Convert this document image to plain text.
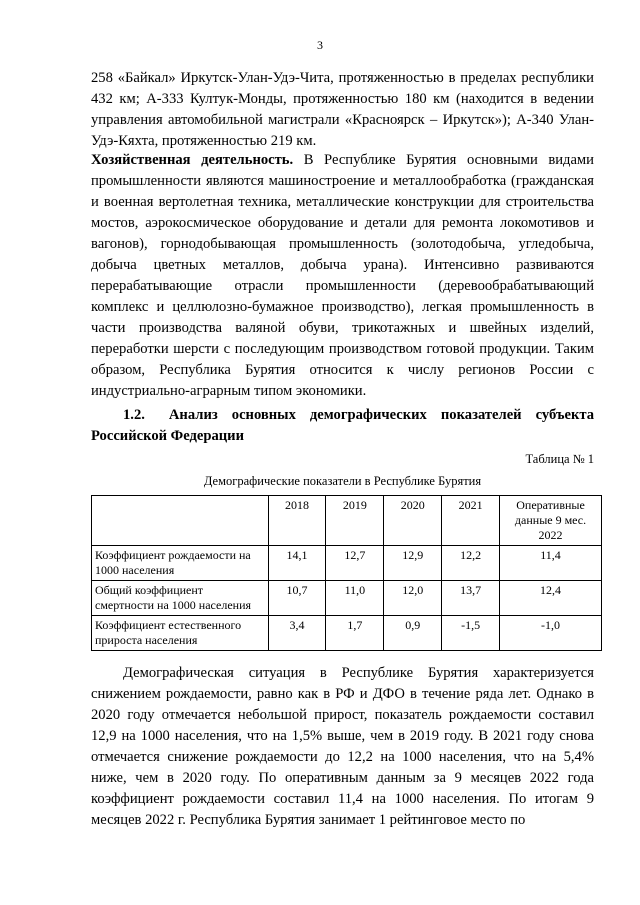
3

258 «Байкал» Иркутск-Улан-Удэ-Чита, протяженностью в пределах республики 432 км; А-333 Култук-Монды, протяженностью 180 км (находится в ведении управления автомобильной магистрали «Красноярск – Иркутск»); А-340 Улан-Удэ-Кяхта, протяженностью 219 км.

Хозяйственная деятельность. В Республике Бурятия основными видами промышленности являются машиностроение и металлообработка (гражданская и военная вертолетная техника, металлические конструкции для строительства мостов, аэрокосмическое оборудование и детали для ремонта локомотивов и вагонов), горнодобывающая промышленность (золотодобыча, угледобыча, добыча цветных металлов, добыча урана). Интенсивно развиваются перерабатывающие отрасли промышленности (деревообрабатывающий комплекс и целлюлозно-бумажное производство), легкая промышленность в части производства валяной обуви, трикотажных и швейных изделий, переработки шерсти с последующим производством готовой продукции. Таким образом, Республика Бурятия относится к числу регионов России с индустриально-аграрным типом экономики.

1.2. Анализ основных демографических показателей субъекта Российской Федерации
Таблица № 1
Демографические показатели в Республике Бурятия
	2018	2019	2020	2021	Оперативные данные 9 мес. 2022
Коэффициент рождаемости на 1000 населения	14,1	12,7	12,9	12,2	11,4
Общий коэффициент смертности на 1000 населения	10,7	11,0	12,0	13,7	12,4
Коэффициент естественного прироста населения	3,4	1,7	0,9	-1,5	-1,0

Демографическая ситуация в Республике Бурятия характеризуется снижением рождаемости, равно как в РФ и ДФО в течение ряда лет. Однако в 2020 году отмечается небольшой прирост, показатель рождаемости составил 12,9 на 1000 населения, что на 1,5% выше, чем в 2019 году. В 2021 году снова отмечается снижение рождаемости до 12,2 на 1000 населения, что на 5,4% ниже, чем в 2020 году. По оперативным данным за 9 месяцев 2022 года коэффициент рождаемости составил 11,4 на 1000 населения. По итогам 9 месяцев 2022 г. Республика Бурятия занимает 1 рейтинговое место по
